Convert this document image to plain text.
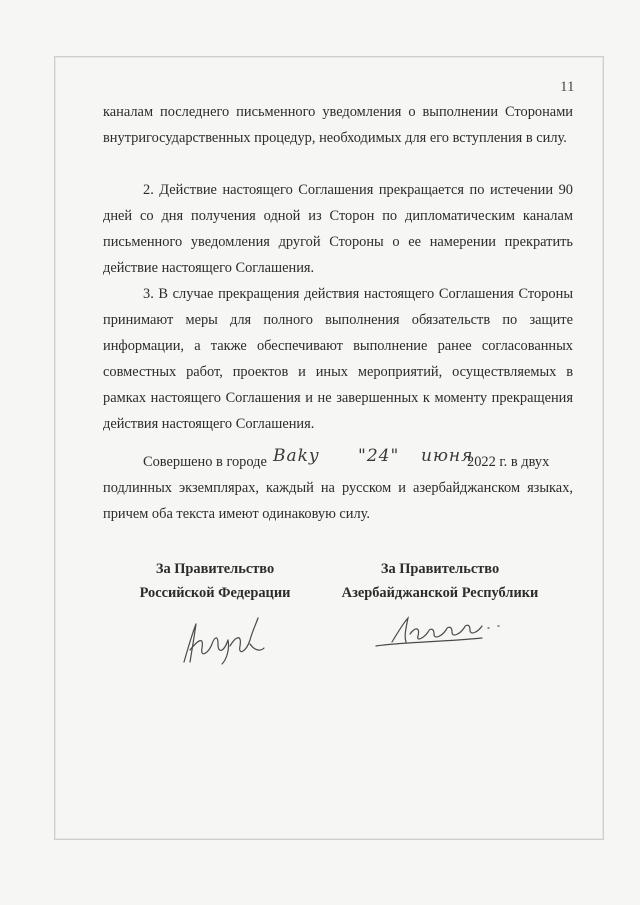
11

каналам последнего письменного уведомления о выполнении Сторонами внутригосударственных процедур, необходимых для его вступления в силу.

2. Действие настоящего Соглашения прекращается по истечении 90 дней со дня получения одной из Сторон по дипломатическим каналам письменного уведомления другой Стороны о ее намерении прекратить действие настоящего Соглашения.

3. В случае прекращения действия настоящего Соглашения Стороны принимают меры для полного выполнения обязательств по защите информации, а также обеспечивают выполнение ранее согласованных совместных работ, проектов и иных мероприятий, осуществляемых в рамках настоящего Соглашения и не завершенных к моменту прекращения действия настоящего Соглашения.

Совершено в городе Baky "24" июня
2022 г. в двух
подлинных экземплярах, каждый на русском и азербайджанском языках, причем оба текста имеют одинаковую силу.
За Правительство
Российской Федерации
За Правительство
Азербайджанской Республики
